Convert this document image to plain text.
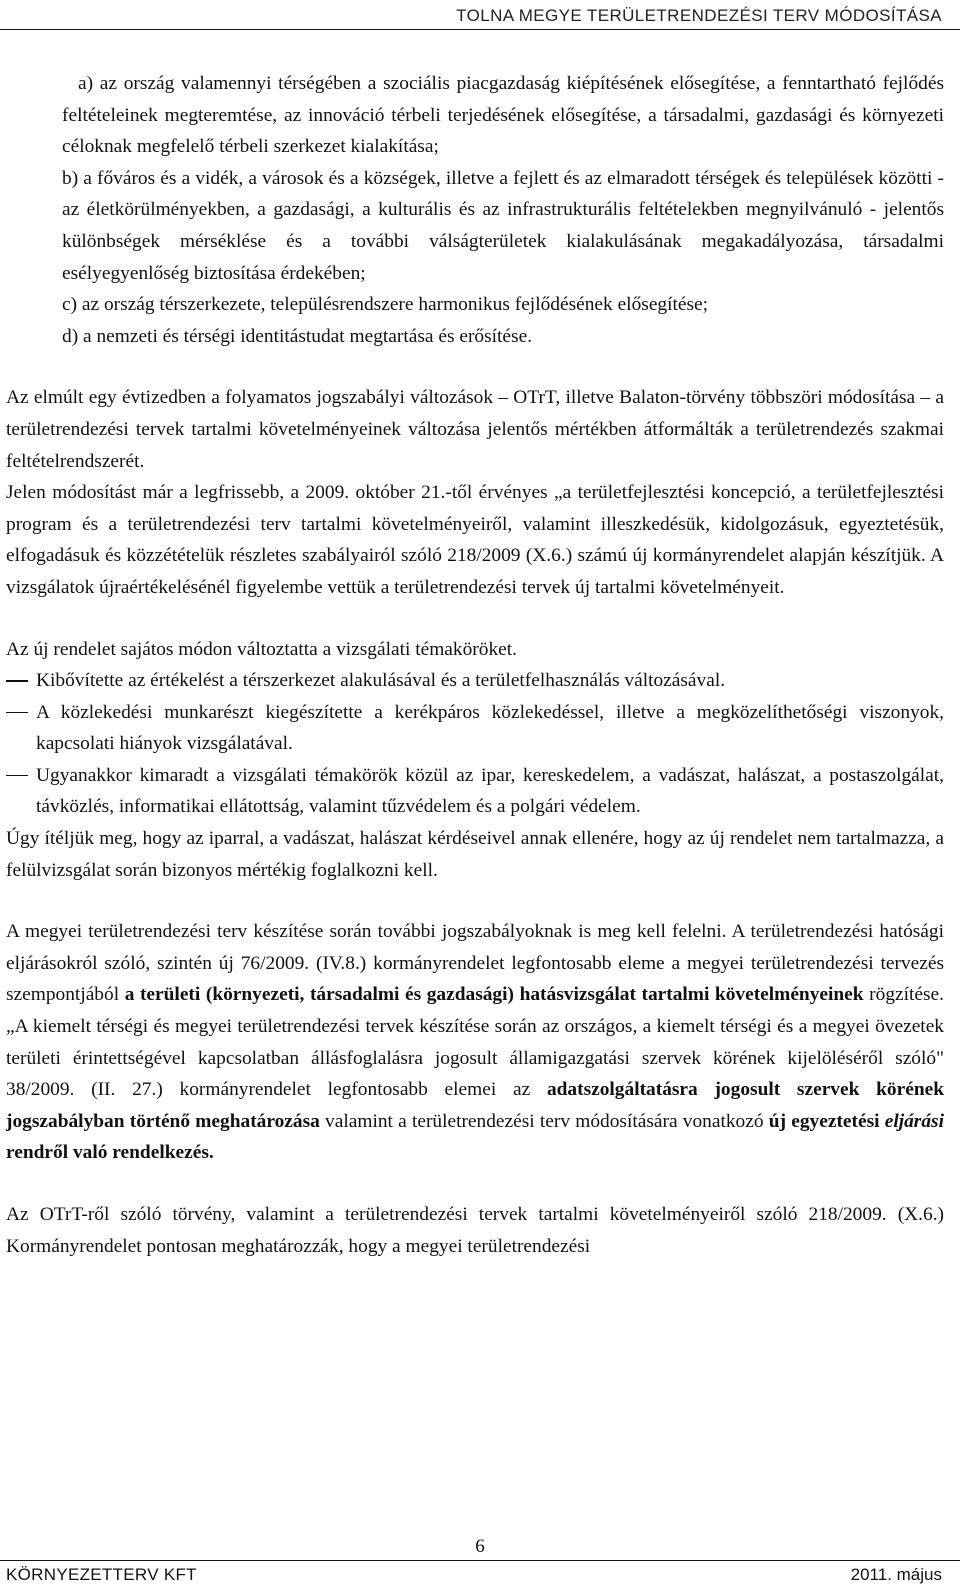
TOLNA MEGYE TERÜLETRENDEZÉSI TERV MÓDOSÍTÁSA

a) az ország valamennyi térségében a szociális piacgazdaság kiépítésének elősegítése, a fenntartható fejlődés feltételeinek megteremtése, az innováció térbeli terjedésének elősegítése, a társadalmi, gazdasági és környezeti céloknak megfelelő térbeli szerkezet kialakítása;

b) a főváros és a vidék, a városok és a községek, illetve a fejlett és az elmaradott térségek és települések közötti - az életkörülményekben, a gazdasági, a kulturális és az infrastrukturális feltételekben megnyilvánuló - jelentős különbségek mérséklése és a további válságterületek kialakulásának megakadályozása, társadalmi esélyegyenlőség biztosítása érdekében;

c) az ország térszerkezete, településrendszere harmonikus fejlődésének elősegítése;

d) a nemzeti és térségi identitástudat megtartása és erősítése.

Az elmúlt egy évtizedben a folyamatos jogszabályi változások – OTrT, illetve Balaton-törvény többszöri módosítása – a területrendezési tervek tartalmi követelményeinek változása jelentős mértékben átformálták a területrendezés szakmai feltételrendszerét.

Jelen módosítást már a legfrissebb, a 2009. október 21.-től érvényes „a területfejlesztési koncepció, a területfejlesztési program és a területrendezési terv tartalmi követelményeiről, valamint illeszkedésük, kidolgozásuk, egyeztetésük, elfogadásuk és közzétételük részletes szabályairól szóló 218/2009 (X.6.) számú új kormányrendelet alapján készítjük. A vizsgálatok újraértékelésénél figyelembe vettük a területrendezési tervek új tartalmi követelményeit.

Az új rendelet sajátos módon változtatta a vizsgálati témaköröket.

Kibővítette az értékelést a térszerkezet alakulásával és a területfelhasználás változásával.
A közlekedési munkarészt kiegészítette a kerékpáros közlekedéssel, illetve a megközelíthetőségi viszonyok, kapcsolati hiányok vizsgálatával.
Ugyanakkor kimaradt a vizsgálati témakörök közül az ipar, kereskedelem, a vadászat, halászat, a postaszolgálat, távközlés, informatikai ellátottság, valamint tűzvédelem és a polgári védelem.

Úgy ítéljük meg, hogy az iparral, a vadászat, halászat kérdéseivel annak ellenére, hogy az új rendelet nem tartalmazza, a felülvizsgálat során bizonyos mértékig foglalkozni kell.

A megyei területrendezési terv készítése során további jogszabályoknak is meg kell felelni. A területrendezési hatósági eljárásokról szóló, szintén új 76/2009. (IV.8.) kormányrendelet legfontosabb eleme a megyei területrendezési tervezés szempontjából a területi (környezeti, társadalmi és gazdasági) hatásvizsgálat tartalmi követelményeinek rögzítése. „A kiemelt térségi és megyei területrendezési tervek készítése során az országos, a kiemelt térségi és a megyei övezetek területi érintettségével kapcsolatban állásfoglalásra jogosult államigazgatási szervek körének kijelöléséről szóló" 38/2009. (II. 27.) kormányrendelet legfontosabb elemei az adatszolgáltatásra jogosult szervek körének jogszabályban történő meghatározása valamint a területrendezési terv módosítására vonatkozó új egyeztetési eljárási rendről való rendelkezés.

Az OTrT-ről szóló törvény, valamint a területrendezési tervek tartalmi követelményeiről szóló 218/2009. (X.6.) Kormányrendelet pontosan meghatározzák, hogy a megyei területrendezési

6
KÖRNYEZETTERV KFT	2011. május
